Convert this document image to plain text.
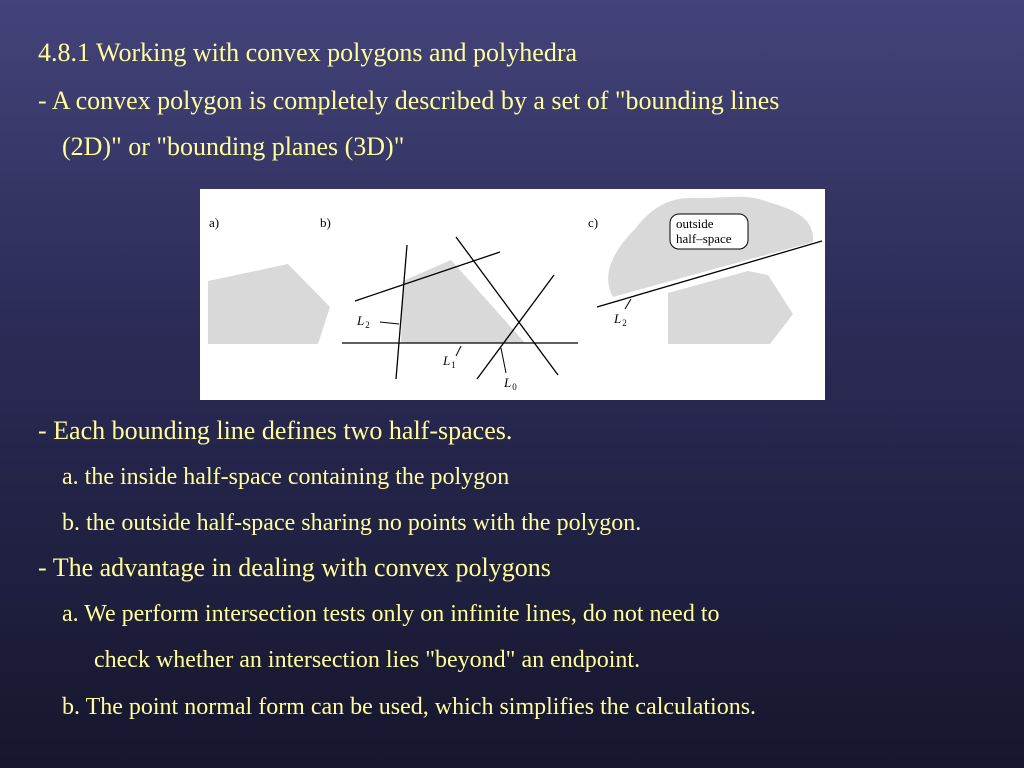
4.8.1 Working with convex polygons and polyhedra
- A convex polygon is completely described by a set of "bounding lines
(2D)" or "bounding planes (3D)"
a)	b)
$L_2$
$L_1$
$L_0$
c)	outside
half–space
$L_2$
- Each bounding line defines two half-spaces.
a. the inside half-space containing the polygon
b. the outside half-space sharing no points with the polygon.
- The advantage in dealing with convex polygons
a. We perform intersection tests only on infinite lines, do not need to
check whether an intersection lies "beyond" an endpoint.
b. The point normal form can be used, which simplifies the calculations.
